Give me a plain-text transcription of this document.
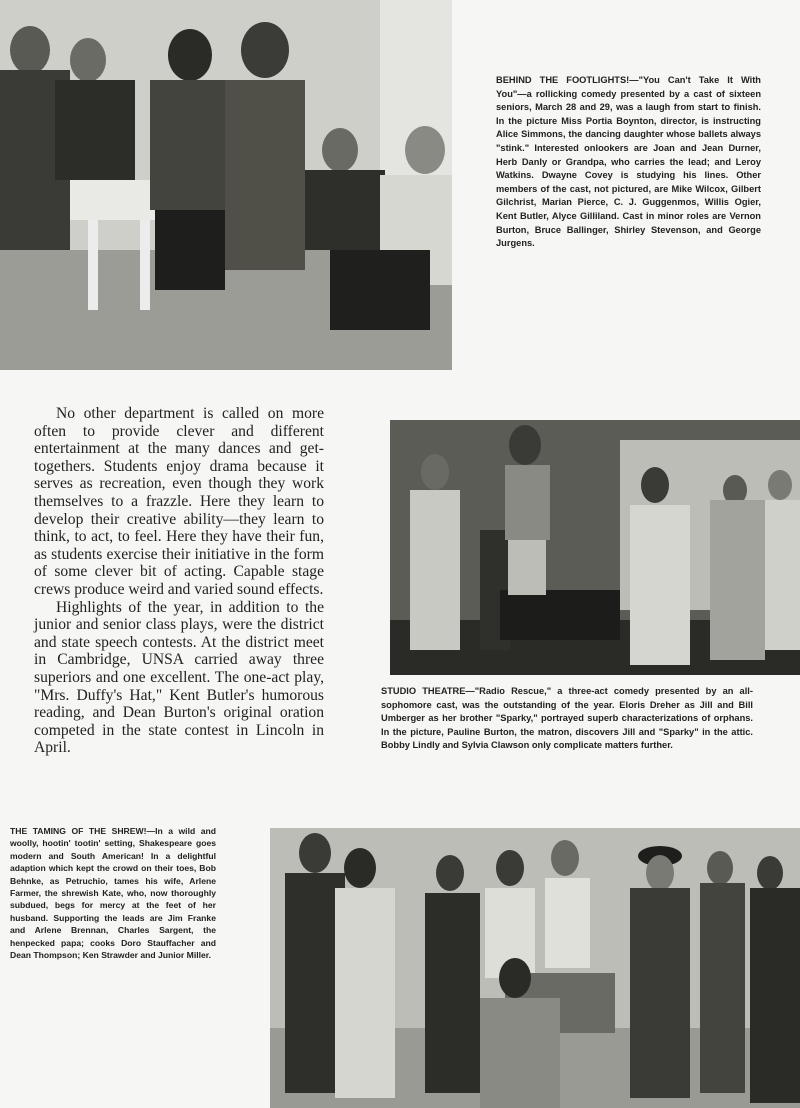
BEHIND THE FOOTLIGHTS!—"You Can't Take It With You"—a rollicking comedy presented by a cast of sixteen seniors, March 28 and 29, was a laugh from start to finish. In the picture Miss Portia Boynton, director, is instructing Alice Simmons, the dancing daughter whose ballets always "stink." Interested onlookers are Joan and Jean Durner, Herb Danly or Grandpa, who carries the lead; and Leroy Watkins. Dwayne Covey is studying his lines. Other members of the cast, not pictured, are Mike Wilcox, Gilbert Gilchrist, Marian Pierce, C. J. Guggenmos, Willis Ogier, Kent Butler, Alyce Gilliland. Cast in minor roles are Vernon Burton, Bruce Ballinger, Shirley Stevenson, and George Jurgens.

No other department is called on more often to provide clever and different entertainment at the many dances and get-togethers. Students enjoy drama because it serves as recreation, even though they work themselves to a frazzle. Here they learn to develop their creative ability—they learn to think, to act, to feel. Here they have their fun, as students exercise their initiative in the form of some clever bit of acting. Capable stage crews produce weird and varied sound effects.

Highlights of the year, in addition to the junior and senior class plays, were the district and state speech contests. At the district meet in Cambridge, UNSA carried away three superiors and one excellent. The one-act play, "Mrs. Duffy's Hat," Kent Butler's humorous reading, and Dean Burton's original oration competed in the state contest in Lincoln in April.

STUDIO THEATRE—"Radio Rescue," a three-act comedy presented by an all-sophomore cast, was the outstanding of the year. Eloris Dreher as Jill and Bill Umberger as her brother "Sparky," portrayed superb characterizations of orphans. In the picture, Pauline Burton, the matron, discovers Jill and "Sparky" in the attic. Bobby Lindly and Sylvia Clawson only complicate matters further.
THE TAMING OF THE SHREW!—In a wild and woolly, hootin' tootin' setting, Shakespeare goes modern and South American! In a delightful adaption which kept the crowd on their toes, Bob Behnke, as Petruchio, tames his wife, Arlene Farmer, the shrewish Kate, who, now thoroughly subdued, begs for mercy at the feet of her husband. Supporting the leads are Jim Franke and Arlene Brennan, Charles Sargent, the henpecked papa; cooks Doro Stauffacher and Dean Thompson; Ken Strawder and Junior Miller.
